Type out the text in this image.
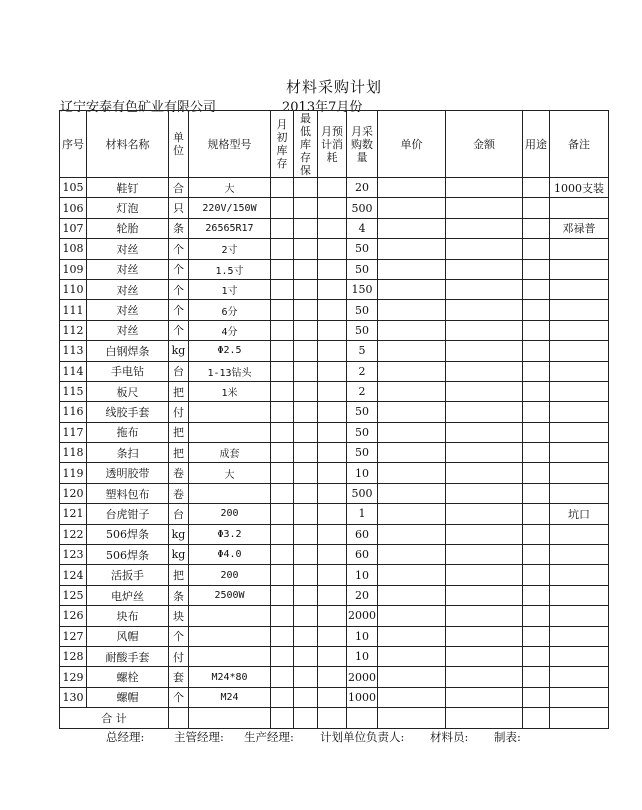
材料采购计划
辽宁安泰有色矿业有限公司	2013年7月份
序号	材料名称	单位	规格型号	月初库存	最低库存保	月预计消耗	月采购数量	单价	金额	用途	备注
105	鞋钉	合	大				20				1000支装
106	灯泡	只	220V/150W				500				
107	轮胎	条	26565R17				4				邓禄普
108	对丝	个	2寸				50				
109	对丝	个	1.5寸				50				
110	对丝	个	1寸				150				
111	对丝	个	6分				50				
112	对丝	个	4分				50				
113	白钢焊条	kg	Φ2.5				5				
114	手电钻	台	1-13钻头				2				
115	板尺	把	1米				2				
116	线胶手套	付					50				
117	拖布	把					50				
118	条扫	把	成套				50				
119	透明胶带	卷	大				10				
120	塑料包布	卷					500				
121	台虎钳子	台	200				1				坑口
122	506焊条	kg	Φ3.2				60				
123	506焊条	kg	Φ4.0				60				
124	活扳手	把	200				10				
125	电炉丝	条	2500W				20				
126	块布	块					2000				
127	风帽	个					10				
128	耐酸手套	付					10				
129	螺栓	套	M24*80				2000				
130	螺帽	个	M24				1000				
合 计											
总经理:	主管经理: 生产经理: 计划单位负责人: 材料员: 制表:
